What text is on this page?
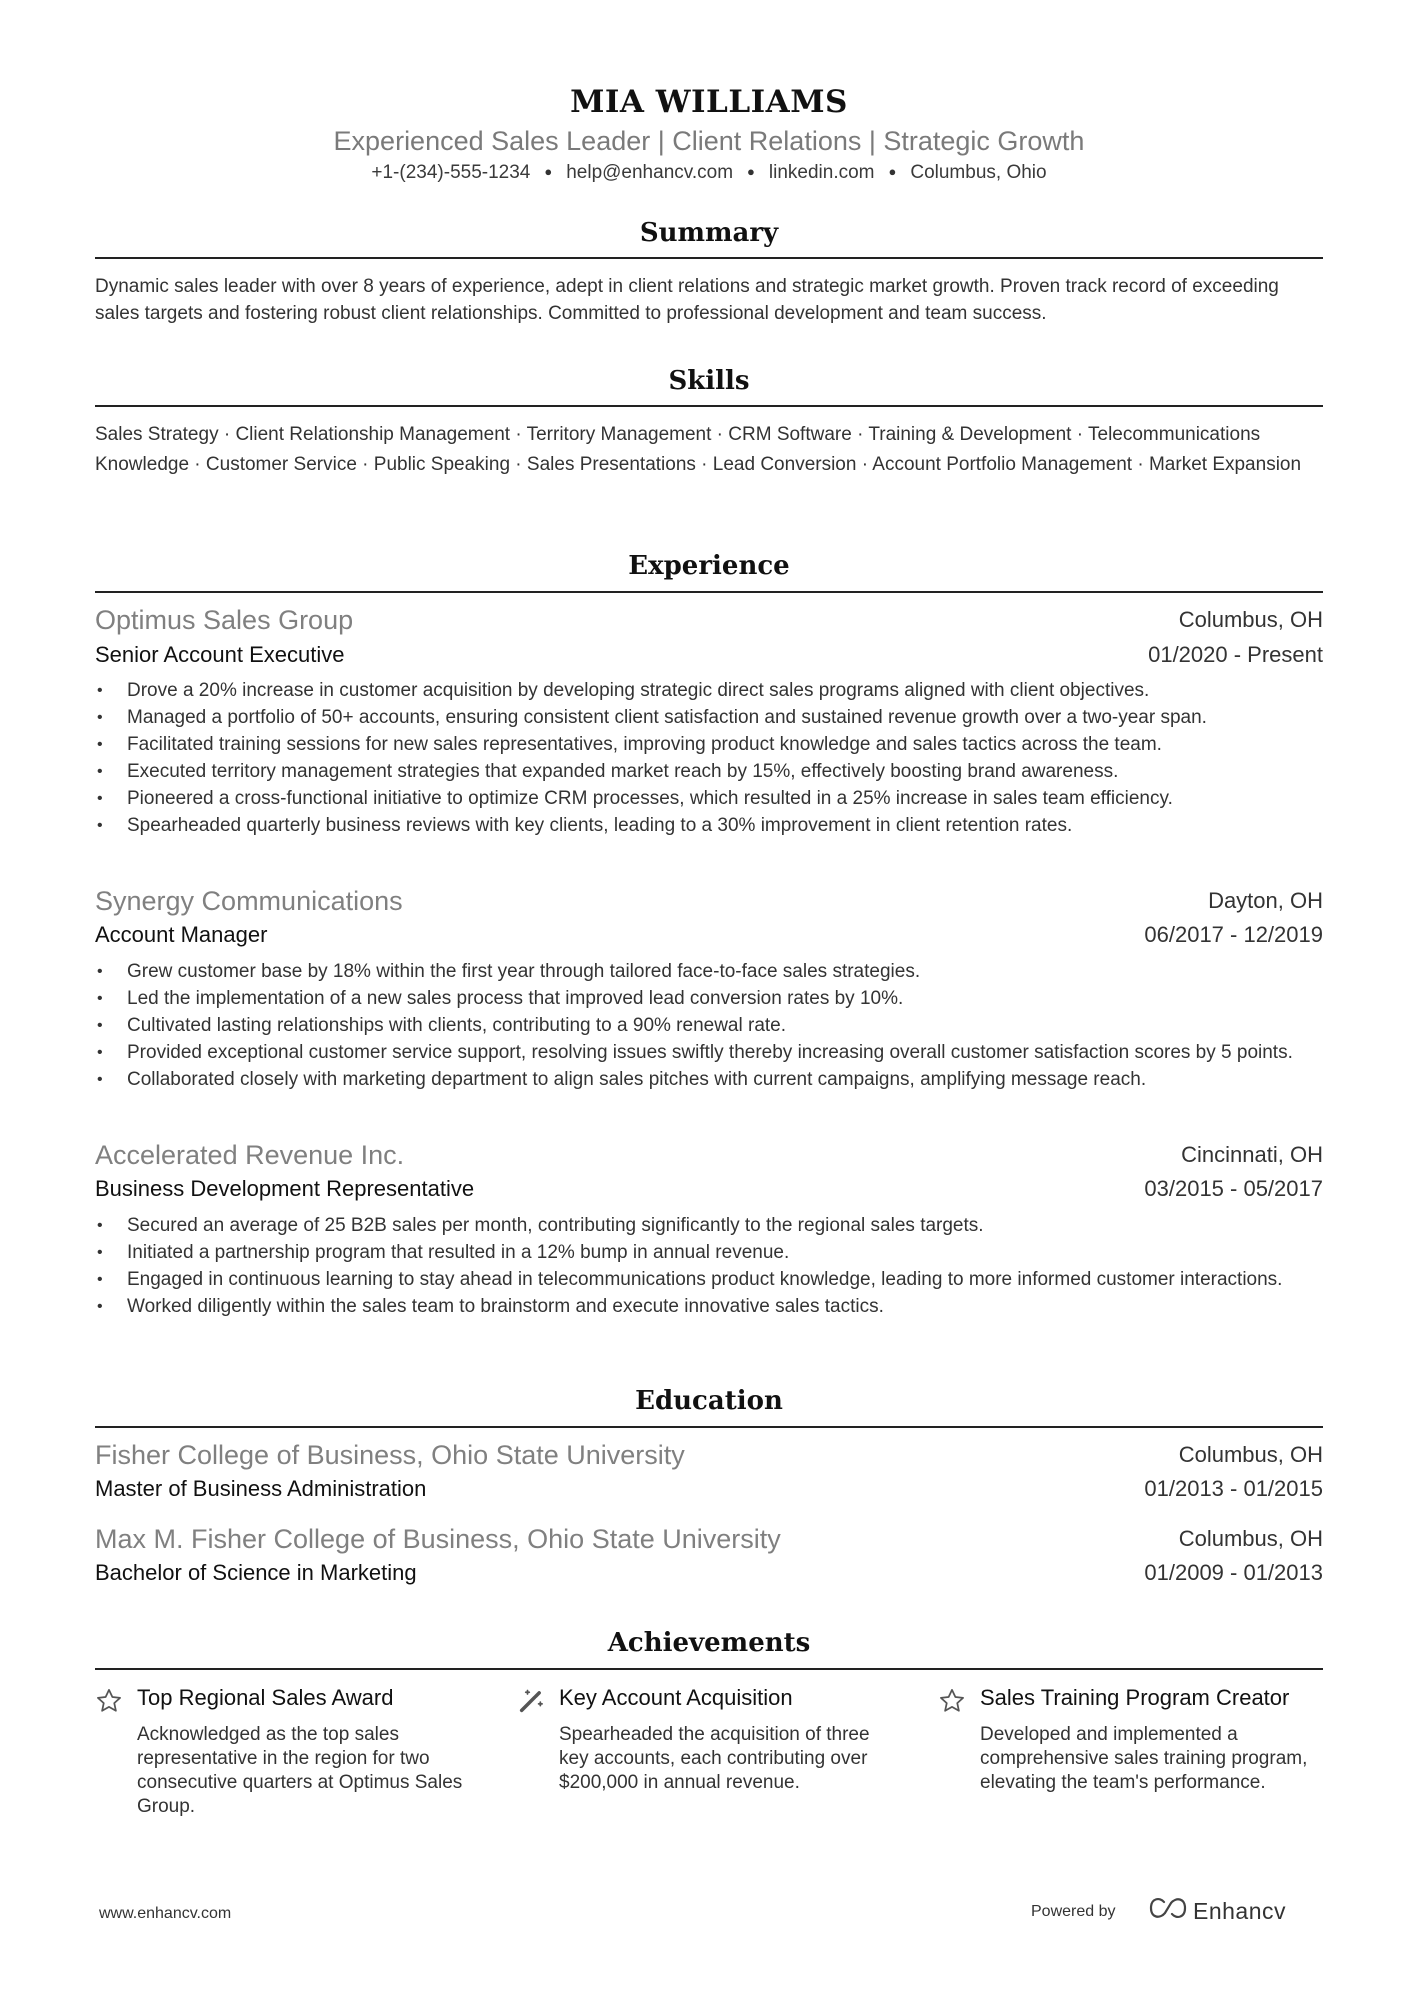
MIA WILLIAMS
Experienced Sales Leader | Client Relations | Strategic Growth
+1-(234)-555-1234 ● help@enhancv.com ● linkedin.com ● Columbus, Ohio
Summary
Dynamic sales leader with over 8 years of experience, adept in client relations and strategic market growth. Proven track record of exceeding sales targets and fostering robust client relationships. Committed to professional development and team success.
Skills
Sales Strategy · Client Relationship Management · Territory Management · CRM Software · Training & Development · Telecommunications Knowledge · Customer Service · Public Speaking · Sales Presentations · Lead Conversion · Account Portfolio Management · Market Expansion
Experience
Optimus Sales Group	Columbus, OH
Senior Account Executive	01/2020 - Present
• Drove a 20% increase in customer acquisition by developing strategic direct sales programs aligned with client objectives.
• Managed a portfolio of 50+ accounts, ensuring consistent client satisfaction and sustained revenue growth over a two-year span.
• Facilitated training sessions for new sales representatives, improving product knowledge and sales tactics across the team.
• Executed territory management strategies that expanded market reach by 15%, effectively boosting brand awareness.
• Pioneered a cross-functional initiative to optimize CRM processes, which resulted in a 25% increase in sales team efficiency.
• Spearheaded quarterly business reviews with key clients, leading to a 30% improvement in client retention rates.
Synergy Communications	Dayton, OH
Account Manager	06/2017 - 12/2019
• Grew customer base by 18% within the first year through tailored face-to-face sales strategies.
• Led the implementation of a new sales process that improved lead conversion rates by 10%.
• Cultivated lasting relationships with clients, contributing to a 90% renewal rate.
• Provided exceptional customer service support, resolving issues swiftly thereby increasing overall customer satisfaction scores by 5 points.
• Collaborated closely with marketing department to align sales pitches with current campaigns, amplifying message reach.
Accelerated Revenue Inc.	Cincinnati, OH
Business Development Representative	03/2015 - 05/2017
• Secured an average of 25 B2B sales per month, contributing significantly to the regional sales targets.
• Initiated a partnership program that resulted in a 12% bump in annual revenue.
• Engaged in continuous learning to stay ahead in telecommunications product knowledge, leading to more informed customer interactions.
• Worked diligently within the sales team to brainstorm and execute innovative sales tactics.
Education
Fisher College of Business, Ohio State University	Columbus, OH
Master of Business Administration	01/2013 - 01/2015
Max M. Fisher College of Business, Ohio State University	Columbus, OH
Bachelor of Science in Marketing	01/2009 - 01/2013
Achievements
Top Regional Sales Award
Acknowledged as the top sales representative in the region for two consecutive quarters at Optimus Sales Group.
Key Account Acquisition
Spearheaded the acquisition of three key accounts, each contributing over $200,000 in annual revenue.
Sales Training Program Creator
Developed and implemented a comprehensive sales training program, elevating the team's performance.
www.enhancv.com	Powered by	Enhancv
